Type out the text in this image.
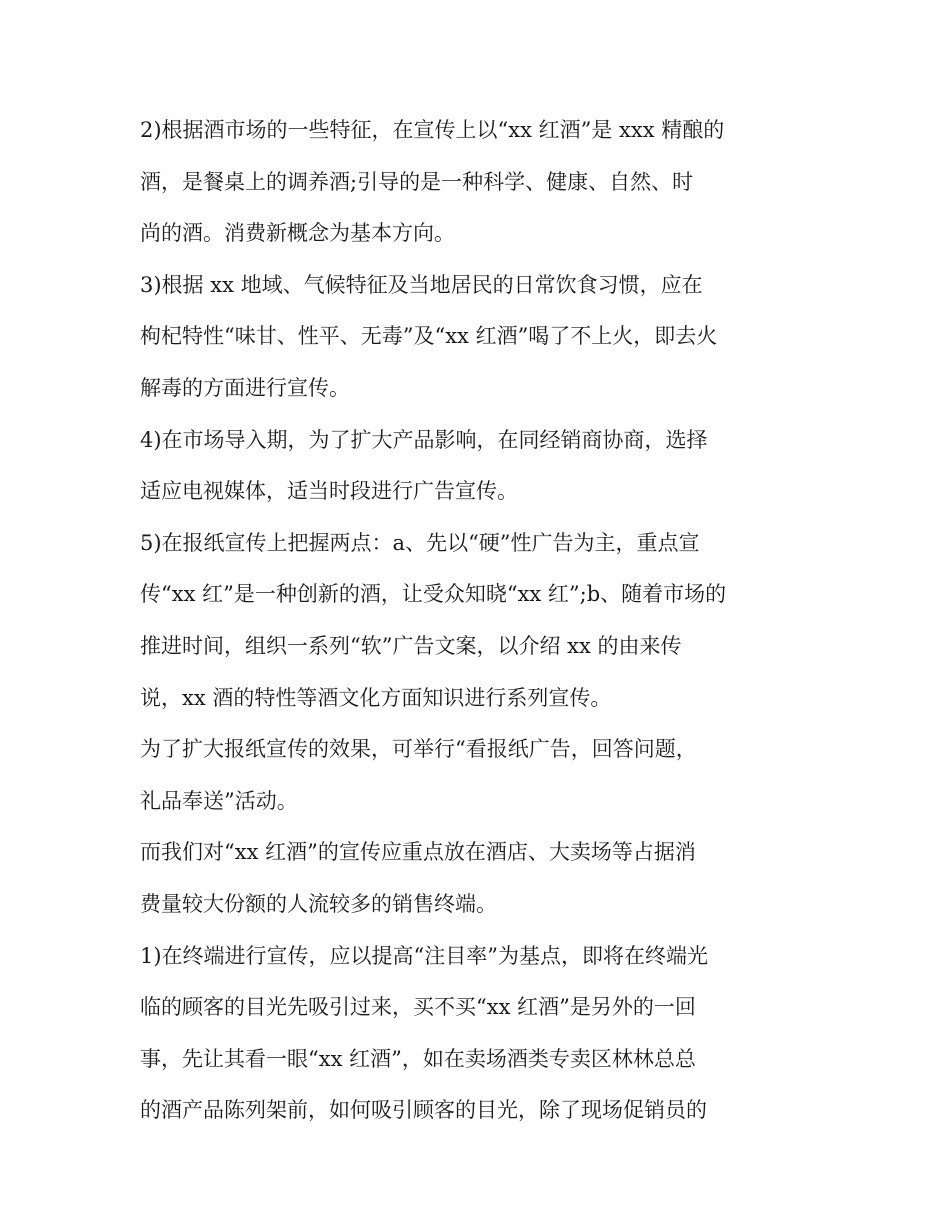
2)根据酒市场的一些特征，在宣传上以“xx 红酒”是 xxx 精酿的
酒，是餐桌上的调养酒;引导的是一种科学、健康、自然、时
尚的酒。消费新概念为基本方向。
3)根据 xx 地域、气候特征及当地居民的日常饮食习惯，应在
枸杞特性“味甘、性平、无毒”及“xx 红酒”喝了不上火，即去火
解毒的方面进行宣传。
4)在市场导入期，为了扩大产品影响，在同经销商协商，选择
适应电视媒体，适当时段进行广告宣传。
5)在报纸宣传上把握两点：a、先以“硬”性广告为主，重点宣
传“xx 红”是一种创新的酒，让受众知晓“xx 红”;b、随着市场的
推进时间，组织一系列“软”广告文案，以介绍 xx 的由来传
说，xx 酒的特性等酒文化方面知识进行系列宣传。
为了扩大报纸宣传的效果，可举行“看报纸广告，回答问题，
礼品奉送”活动。
而我们对“xx 红酒”的宣传应重点放在酒店、大卖场等占据消
费量较大份额的人流较多的销售终端。
1)在终端进行宣传，应以提高“注目率”为基点，即将在终端光
临的顾客的目光先吸引过来，买不买“xx 红酒”是另外的一回
事，先让其看一眼“xx 红酒”，如在卖场酒类专卖区林林总总
的酒产品陈列架前，如何吸引顾客的目光，除了现场促销员的
